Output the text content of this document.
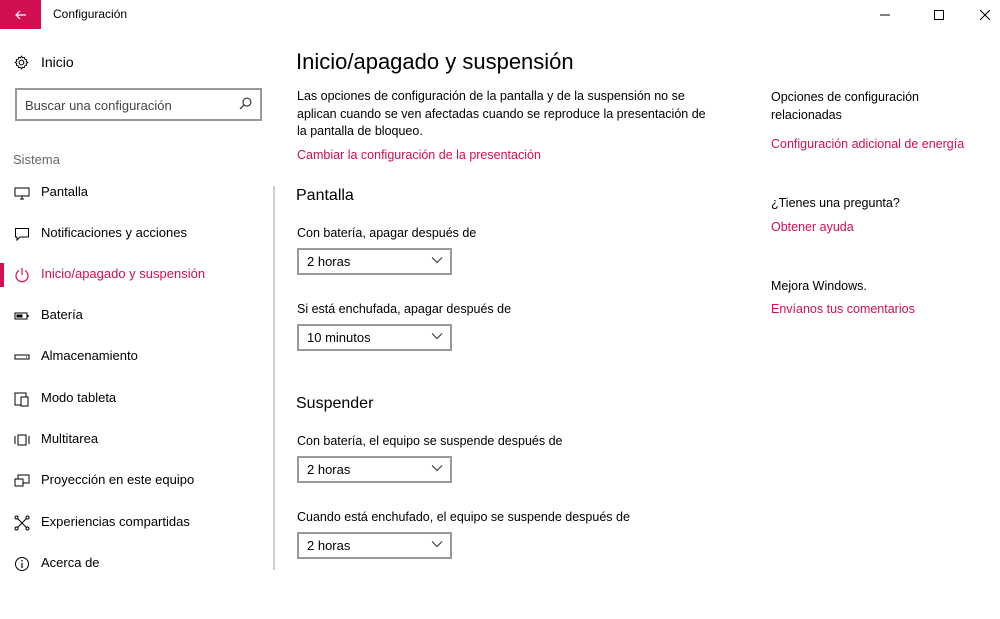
Configuración
Inicio
Buscar una configuración
Sistema
Pantalla
Notificaciones y acciones
Inicio/apagado y suspensión
Batería
Almacenamiento
Modo tableta
Multitarea
Proyección en este equipo
Experiencias compartidas
Acerca de
Inicio/apagado y suspensión

Las opciones de configuración de la pantalla y de la suspensión no se aplican cuando se ven afectadas cuando se reproduce la presentación de la pantalla de bloqueo.

Cambiar la configuración de la presentación
Pantalla
Con batería, apagar después de
2 horas
Si está enchufada, apagar después de
10 minutos
Suspender
Con batería, el equipo se suspende después de
2 horas
Cuando está enchufado, el equipo se suspende después de
2 horas
Opciones de configuración relacionadas
Configuración adicional de energía
¿Tienes una pregunta?
Obtener ayuda
Mejora Windows.
Envíanos tus comentarios
